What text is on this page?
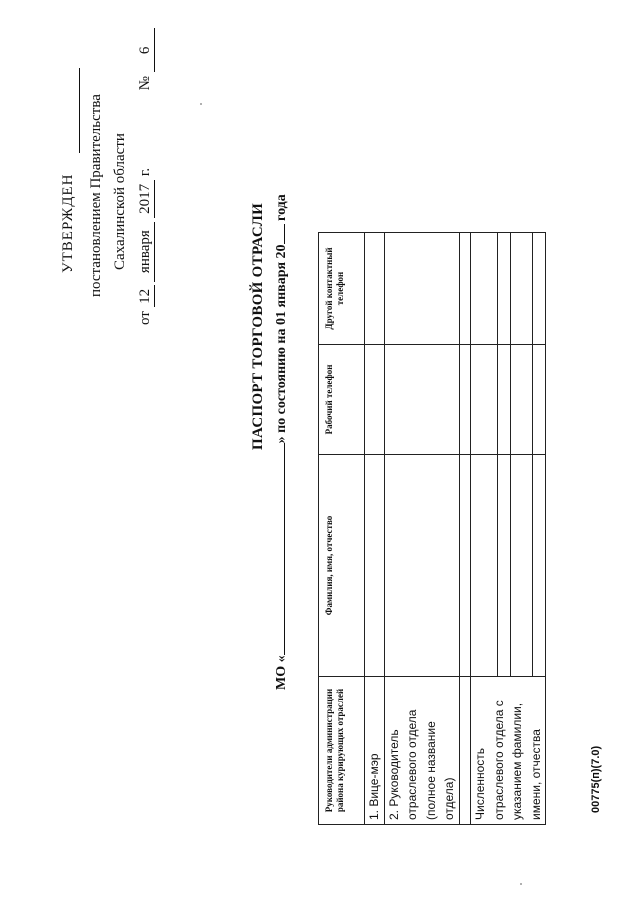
УТВЕРЖДЕН постановлением Правительства Сахалинской области
от 12 января 2017 г.  № 6
ПАСПОРТ ТОРГОВОЙ ОТРАСЛИ
МО «» по состоянию на 01 января 20 года
Руководители администрации района курирующих отраслей	Фамилия, имя, отчество	Рабочий телефон	Другой контактный телефон
1. Вице-мэр			
2. Руководитель отраслевого отдела (полное название отдела)			

Численность отраслевого отдела с указанием фамилии, имени, отчества			

			00775(п)(7.0)
